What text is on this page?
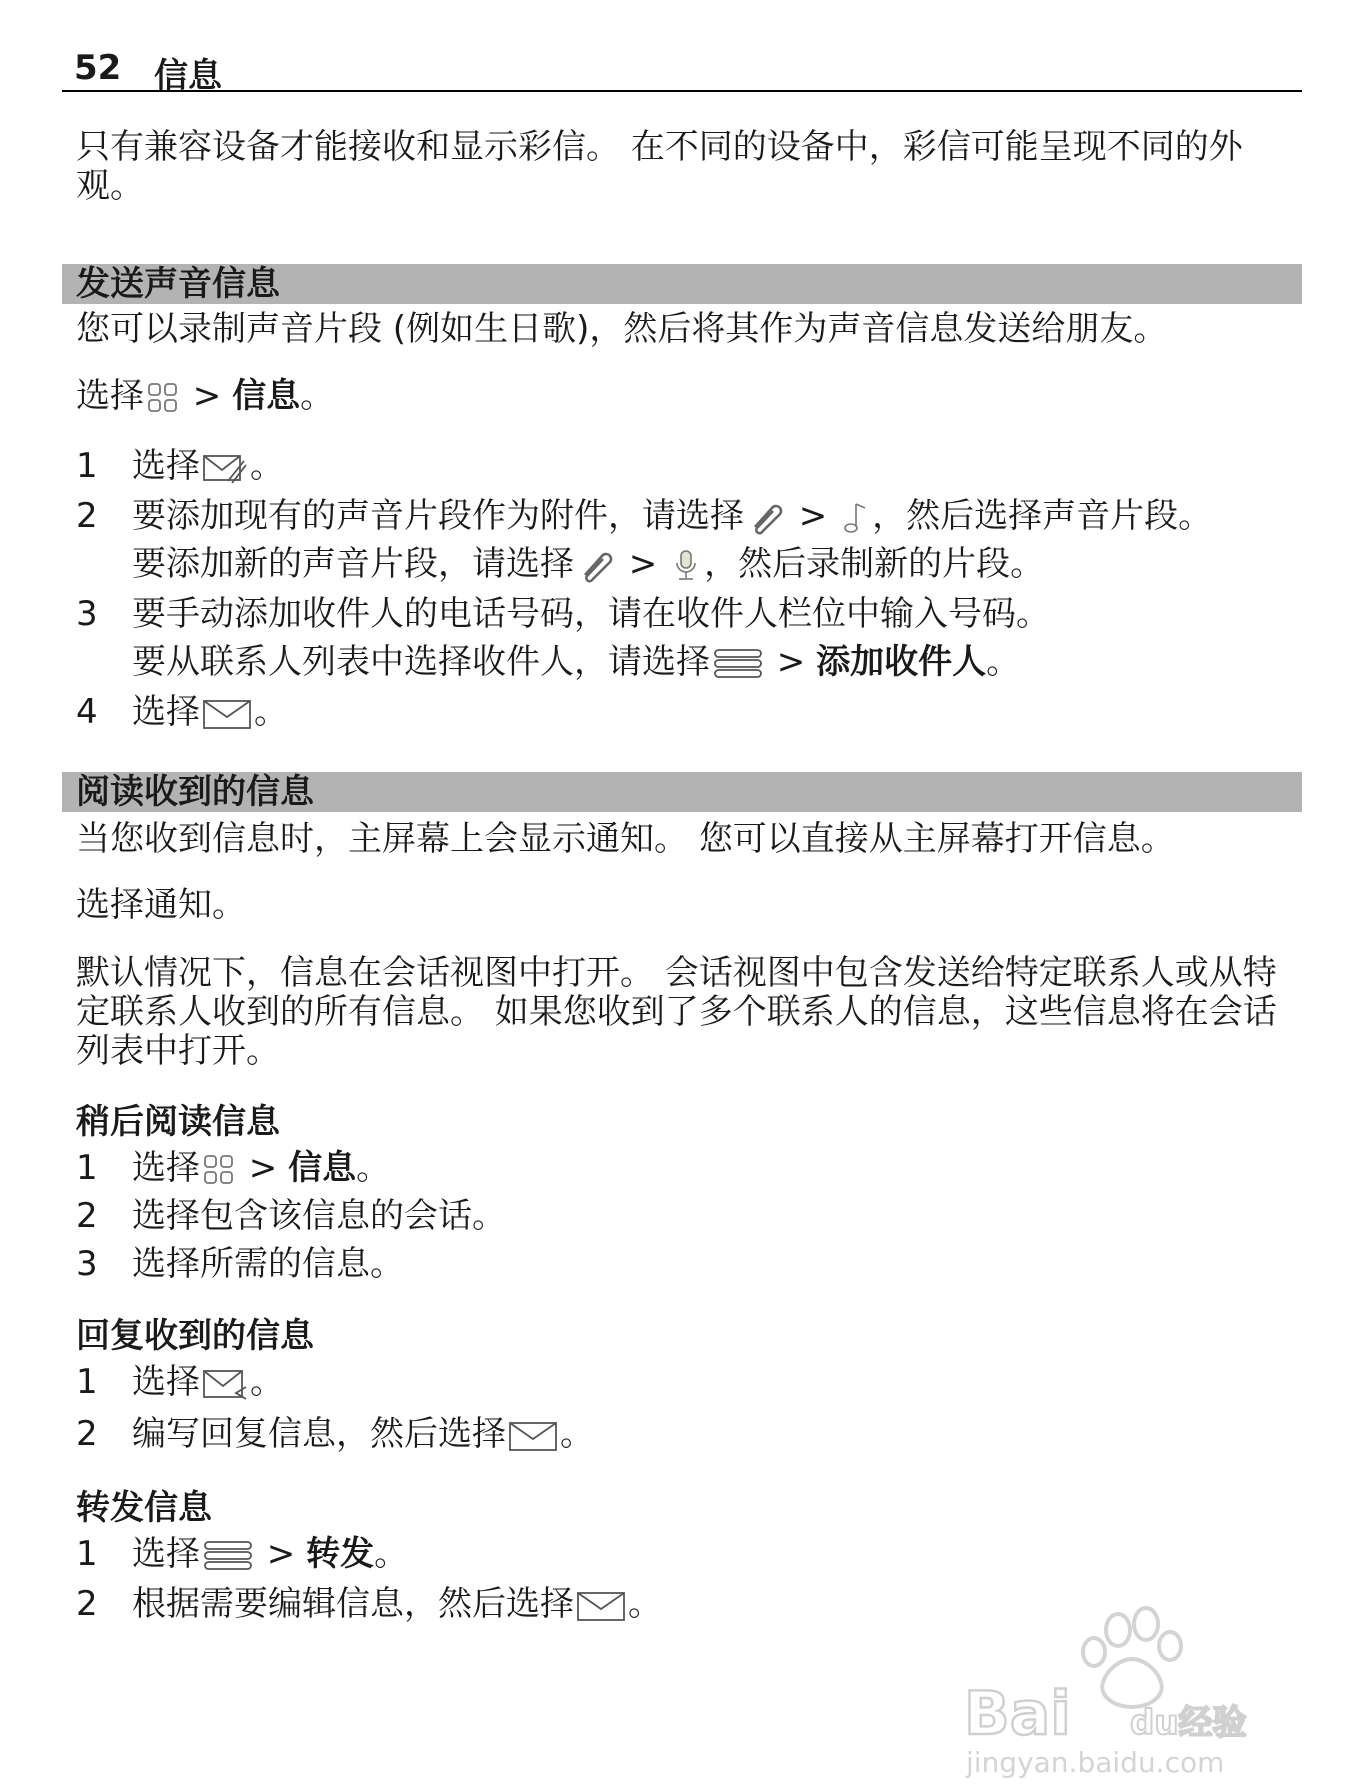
52 信息
只有兼容设备才能接收和显示彩信。 在不同的设备中，彩信可能呈现不同的外观。
发送声音信息
您可以录制声音片段 (例如生日歌)，然后将其作为声音信息发送给朋友。
选择 > 信息。
1	选择 。
2	要添加现有的声音片段作为附件，请选择 > ，然后选择声音片段。
要添加新的声音片段，请选择 > ，然后录制新的片段。
3	要手动添加收件人的电话号码，请在收件人栏位中输入号码。
要从联系人列表中选择收件人，请选择 > 添加收件人。
4	选择 。
阅读收到的信息
当您收到信息时，主屏幕上会显示通知。 您可以直接从主屏幕打开信息。
选择通知。
默认情况下，信息在会话视图中打开。 会话视图中包含发送给特定联系人或从特定联系人收到的所有信息。 如果您收到了多个联系人的信息，这些信息将在会话列表中打开。
稍后阅读信息
1	选择 > 信息。
2	选择包含该信息的会话。
3	选择所需的信息。
回复收到的信息
1	选择 。
2	编写回复信息，然后选择 。
转发信息
1	选择 > 转发。
2	根据需要编辑信息，然后选择 。
Bai du经验
jingyan.baidu.com
